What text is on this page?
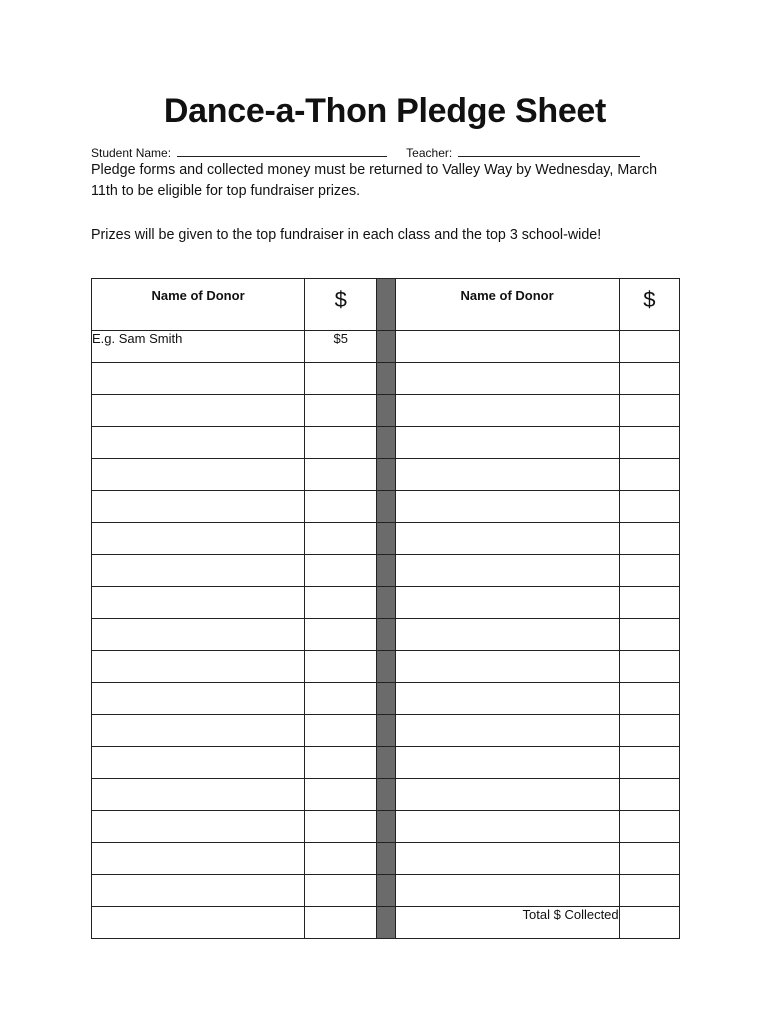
Dance-a-Thon Pledge Sheet
Student Name:	Teacher:

Pledge forms and collected money must be returned to Valley Way by Wednesday, March 11th to be eligible for top fundraiser prizes.

Prizes will be given to the top fundraiser in each class and the top 3 school-wide!

Name of Donor	$		Name of Donor	$
E.g. Sam Smith	$5			

			Total $ Collected	
